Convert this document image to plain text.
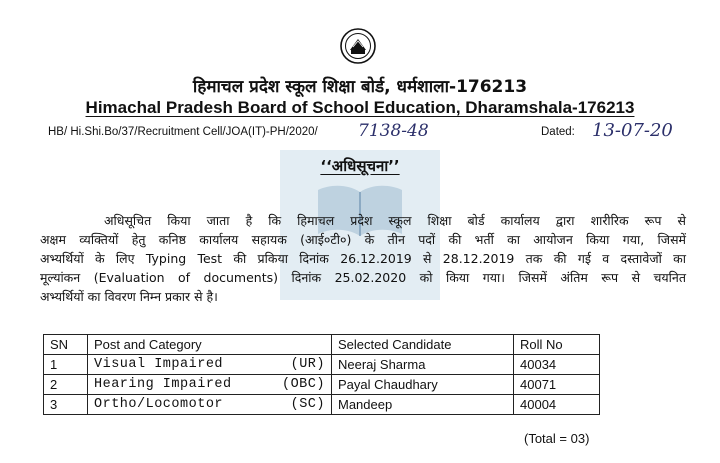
हिमाचल प्रदेश स्कूल शिक्षा बोर्ड, धर्मशाला-176213
Himachal Pradesh Board of School Education, Dharamshala-176213
HB/ Hi.Shi.Bo/37/Recruitment Cell/JOA(IT)-PH/2020/ 7138-48	Dated: 13-07-20
‘‘अधिसूचना’’
अधिसूचित किया जाता है कि हिमाचल प्रदेश स्कूल शिक्षा बोर्ड कार्यालय द्वारा शारीरिक रूप से
अक्षम व्यक्तियों हेतु कनिष्ठ कार्यालय सहायक (आई०टी०) के तीन पदों की भर्ती का आयोजन किया गया, जिसमें
अभ्यर्थियों के लिए Typing Test की प्रकिया दिनांक 26.12.2019 से 28.12.2019 तक की गई व दस्तावेजों का
मूल्यांकन (Evaluation of documents) दिनांक 25.02.2020 को किया गया। जिसमें अंतिम रूप से चयनित
अभ्यर्थियों का विवरण निम्न प्रकार से है।
SN	Post and Category	Selected Candidate	Roll No
1	Visual Impaired (UR)	Neeraj Sharma	40034
2	Hearing Impaired (OBC)	Payal Chaudhary	40071
3	Ortho/Locomotor (SC)	Mandeep	40004
(Total = 03)
